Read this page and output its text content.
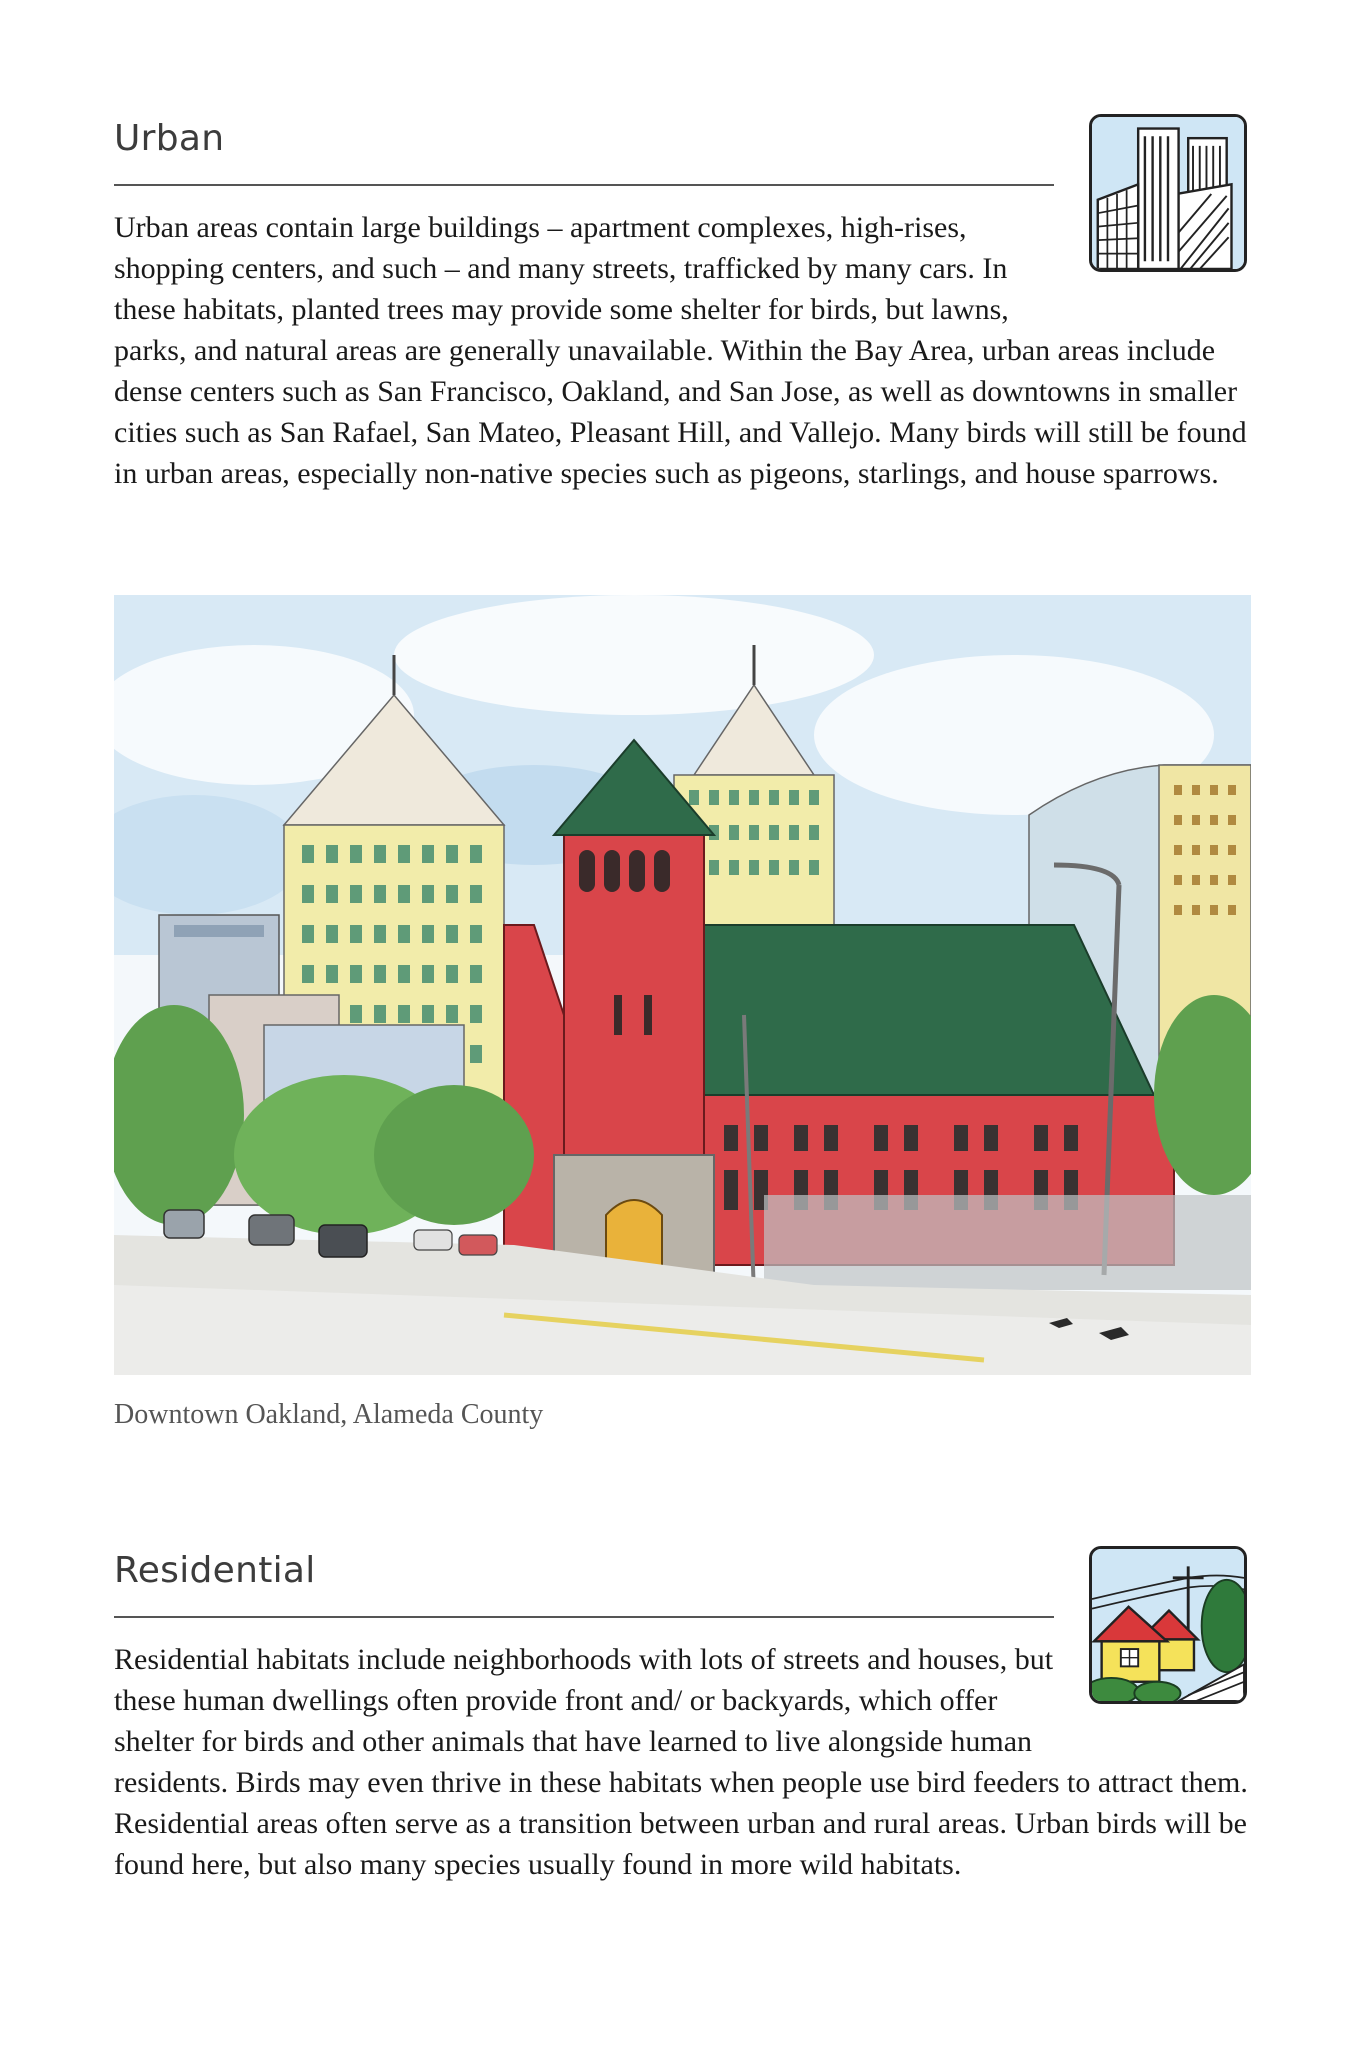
Urban

Urban areas contain large buildings – apartment complexes, high-rises, shopping centers, and such – and many streets, trafficked by many cars. In these habitats, planted trees may provide some shelter for birds, but lawns, parks, and natural areas are generally unavailable. Within the Bay Area, urban areas include dense centers such as San Francisco, Oakland, and San Jose, as well as downtowns in smaller cities such as San Rafael, San Mateo, Pleasant Hill, and Vallejo. Many birds will still be found in urban areas, especially non-native species such as pigeons, starlings, and house sparrows.

Downtown Oakland, Alameda County

Residential

Residential habitats include neighborhoods with lots of streets and houses, but these human dwellings often provide front and/ or backyards, which offer shelter for birds and other animals that have learned to live alongside human residents. Birds may even thrive in these habitats when people use bird feeders to attract them. Residential areas often serve as a transition between urban and rural areas. Urban birds will be found here, but also many species usually found in more wild habitats.
